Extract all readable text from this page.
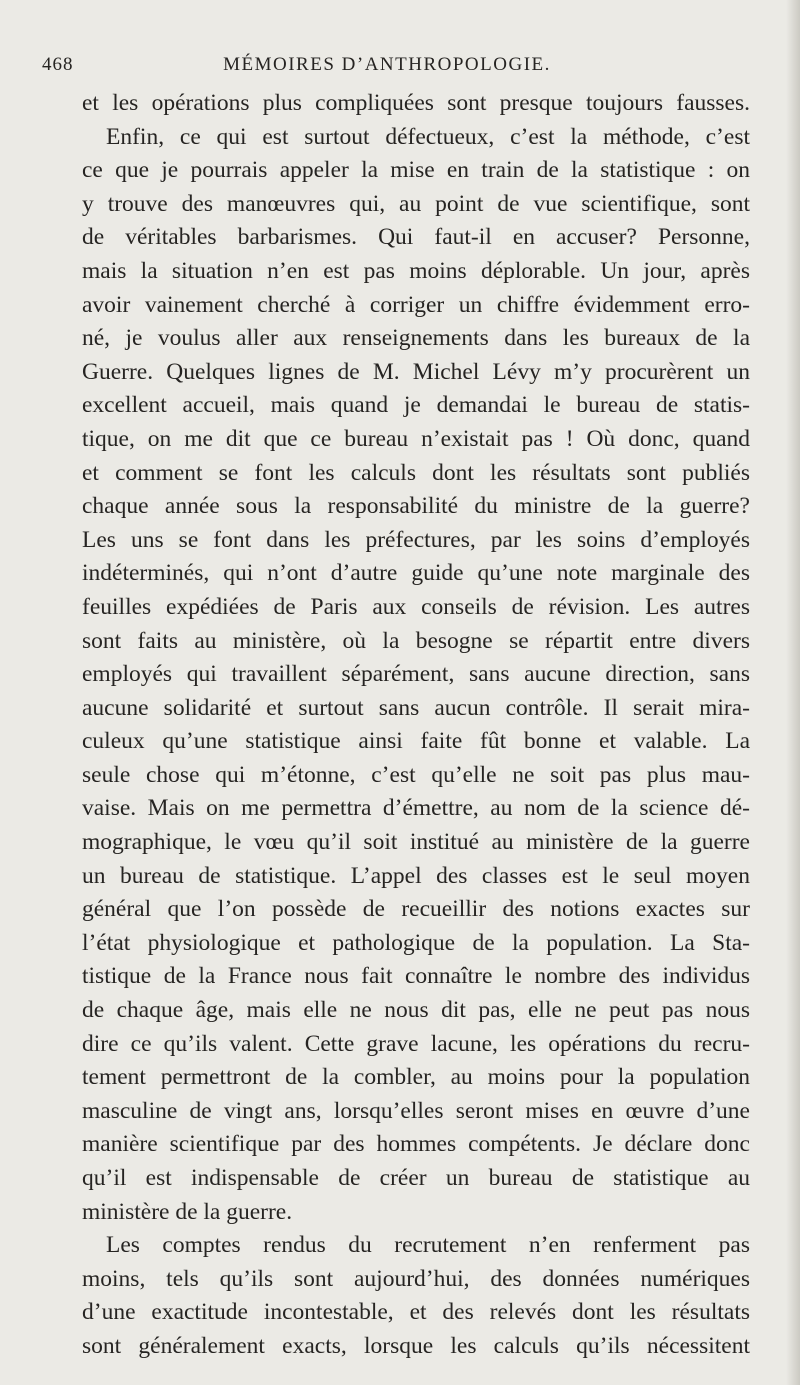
468	MÉMOIRES D’ANTHROPOLOGIE.
et les opérations plus compliquées sont presque toujours fausses.
Enfin, ce qui est surtout défectueux, c’est la méthode, c’est
ce que je pourrais appeler la mise en train de la statistique : on
y trouve des manœuvres qui, au point de vue scientifique, sont
de véritables barbarismes. Qui faut-il en accuser? Personne,
mais la situation n’en est pas moins déplorable. Un jour, après
avoir vainement cherché à corriger un chiffre évidemment erro-
né, je voulus aller aux renseignements dans les bureaux de la
Guerre. Quelques lignes de M. Michel Lévy m’y procurèrent un
excellent accueil, mais quand je demandai le bureau de statis-
tique, on me dit que ce bureau n’existait pas ! Où donc, quand
et comment se font les calculs dont les résultats sont publiés
chaque année sous la responsabilité du ministre de la guerre?
Les uns se font dans les préfectures, par les soins d’employés
indéterminés, qui n’ont d’autre guide qu’une note marginale des
feuilles expédiées de Paris aux conseils de révision. Les autres
sont faits au ministère, où la besogne se répartit entre divers
employés qui travaillent séparément, sans aucune direction, sans
aucune solidarité et surtout sans aucun contrôle. Il serait mira-
culeux qu’une statistique ainsi faite fût bonne et valable. La
seule chose qui m’étonne, c’est qu’elle ne soit pas plus mau-
vaise. Mais on me permettra d’émettre, au nom de la science dé-
mographique, le vœu qu’il soit institué au ministère de la guerre
un bureau de statistique. L’appel des classes est le seul moyen
général que l’on possède de recueillir des notions exactes sur
l’état physiologique et pathologique de la population. La Sta-
tistique de la France nous fait connaître le nombre des individus
de chaque âge, mais elle ne nous dit pas, elle ne peut pas nous
dire ce qu’ils valent. Cette grave lacune, les opérations du recru-
tement permettront de la combler, au moins pour la population
masculine de vingt ans, lorsqu’elles seront mises en œuvre d’une
manière scientifique par des hommes compétents. Je déclare donc
qu’il est indispensable de créer un bureau de statistique au
ministère de la guerre.
Les comptes rendus du recrutement n’en renferment pas
moins, tels qu’ils sont aujourd’hui, des données numériques
d’une exactitude incontestable, et des relevés dont les résultats
sont généralement exacts, lorsque les calculs qu’ils nécessitent
